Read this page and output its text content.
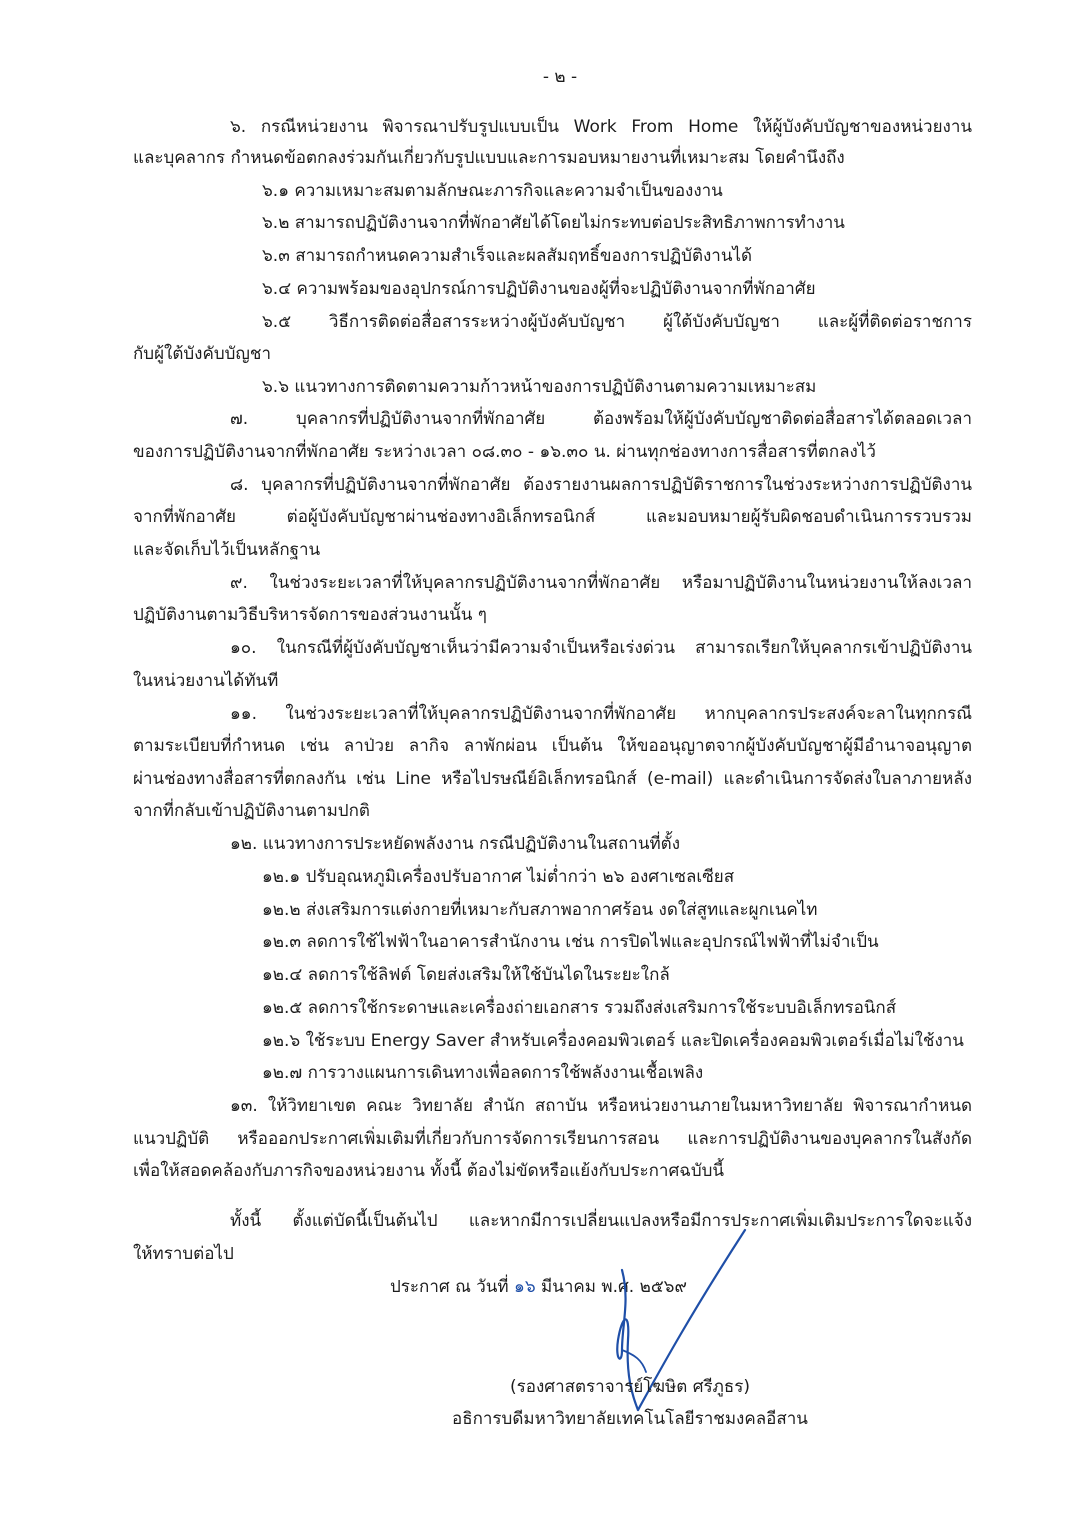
- ๒ -
๖. กรณีหน่วยงาน พิจารณาปรับรูปแบบเป็น Work From Home ให้ผู้บังคับบัญชาของหน่วยงาน
และบุคลากร กำหนดข้อตกลงร่วมกันเกี่ยวกับรูปแบบและการมอบหมายงานที่เหมาะสม โดยคำนึงถึง
๖.๑ ความเหมาะสมตามลักษณะภารกิจและความจำเป็นของงาน
๖.๒ สามารถปฏิบัติงานจากที่พักอาศัยได้โดยไม่กระทบต่อประสิทธิภาพการทำงาน
๖.๓ สามารถกำหนดความสำเร็จและผลสัมฤทธิ์ของการปฏิบัติงานได้
๖.๔ ความพร้อมของอุปกรณ์การปฏิบัติงานของผู้ที่จะปฏิบัติงานจากที่พักอาศัย
๖.๕ วิธีการติดต่อสื่อสารระหว่างผู้บังคับบัญชา ผู้ใต้บังคับบัญชา และผู้ที่ติดต่อราชการ
กับผู้ใต้บังคับบัญชา
๖.๖ แนวทางการติดตามความก้าวหน้าของการปฏิบัติงานตามความเหมาะสม
๗. บุคลากรที่ปฏิบัติงานจากที่พักอาศัย ต้องพร้อมให้ผู้บังคับบัญชาติดต่อสื่อสารได้ตลอดเวลา
ของการปฏิบัติงานจากที่พักอาศัย ระหว่างเวลา ๐๘.๓๐ - ๑๖.๓๐ น. ผ่านทุกช่องทางการสื่อสารที่ตกลงไว้
๘. บุคลากรที่ปฏิบัติงานจากที่พักอาศัย ต้องรายงานผลการปฏิบัติราชการในช่วงระหว่างการปฏิบัติงาน
จากที่พักอาศัย ต่อผู้บังคับบัญชาผ่านช่องทางอิเล็กทรอนิกส์ และมอบหมายผู้รับผิดชอบดำเนินการรวบรวม
และจัดเก็บไว้เป็นหลักฐาน
๙. ในช่วงระยะเวลาที่ให้บุคลากรปฏิบัติงานจากที่พักอาศัย หรือมาปฏิบัติงานในหน่วยงานให้ลงเวลา
ปฏิบัติงานตามวิธีบริหารจัดการของส่วนงานนั้น ๆ
๑๐. ในกรณีที่ผู้บังคับบัญชาเห็นว่ามีความจำเป็นหรือเร่งด่วน สามารถเรียกให้บุคลากรเข้าปฏิบัติงาน
ในหน่วยงานได้ทันที
๑๑. ในช่วงระยะเวลาที่ให้บุคลากรปฏิบัติงานจากที่พักอาศัย หากบุคลากรประสงค์จะลาในทุกกรณี
ตามระเบียบที่กำหนด เช่น ลาป่วย ลากิจ ลาพักผ่อน เป็นต้น ให้ขออนุญาตจากผู้บังคับบัญชาผู้มีอำนาจอนุญาต
ผ่านช่องทางสื่อสารที่ตกลงกัน เช่น Line หรือไปรษณีย์อิเล็กทรอนิกส์ (e-mail) และดำเนินการจัดส่งใบลาภายหลัง
จากที่กลับเข้าปฏิบัติงานตามปกติ
๑๒. แนวทางการประหยัดพลังงาน กรณีปฏิบัติงานในสถานที่ตั้ง
๑๒.๑ ปรับอุณหภูมิเครื่องปรับอากาศ ไม่ต่ำกว่า ๒๖ องศาเซลเซียส
๑๒.๒ ส่งเสริมการแต่งกายที่เหมาะกับสภาพอากาศร้อน งดใส่สูทและผูกเนคไท
๑๒.๓ ลดการใช้ไฟฟ้าในอาคารสำนักงาน เช่น การปิดไฟและอุปกรณ์ไฟฟ้าที่ไม่จำเป็น
๑๒.๔ ลดการใช้ลิฟต์ โดยส่งเสริมให้ใช้บันไดในระยะใกล้
๑๒.๕ ลดการใช้กระดาษและเครื่องถ่ายเอกสาร รวมถึงส่งเสริมการใช้ระบบอิเล็กทรอนิกส์
๑๒.๖ ใช้ระบบ Energy Saver สำหรับเครื่องคอมพิวเตอร์ และปิดเครื่องคอมพิวเตอร์เมื่อไม่ใช้งาน
๑๒.๗ การวางแผนการเดินทางเพื่อลดการใช้พลังงานเชื้อเพลิง
๑๓. ให้วิทยาเขต คณะ วิทยาลัย สำนัก สถาบัน หรือหน่วยงานภายในมหาวิทยาลัย พิจารณากำหนด
แนวปฏิบัติ หรือออกประกาศเพิ่มเติมที่เกี่ยวกับการจัดการเรียนการสอน และการปฏิบัติงานของบุคลากรในสังกัด
เพื่อให้สอดคล้องกับภารกิจของหน่วยงาน ทั้งนี้ ต้องไม่ขัดหรือแย้งกับประกาศฉบับนี้
ทั้งนี้ ตั้งแต่บัดนี้เป็นต้นไป และหากมีการเปลี่ยนแปลงหรือมีการประกาศเพิ่มเติมประการใดจะแจ้ง
ให้ทราบต่อไป
ประกาศ ณ วันที่ ๑๖ มีนาคม พ.ศ. ๒๕๖๙
(รองศาสตราจารย์โฆษิต ศรีภูธร)
อธิการบดีมหาวิทยาลัยเทคโนโลยีราชมงคลอีสาน
